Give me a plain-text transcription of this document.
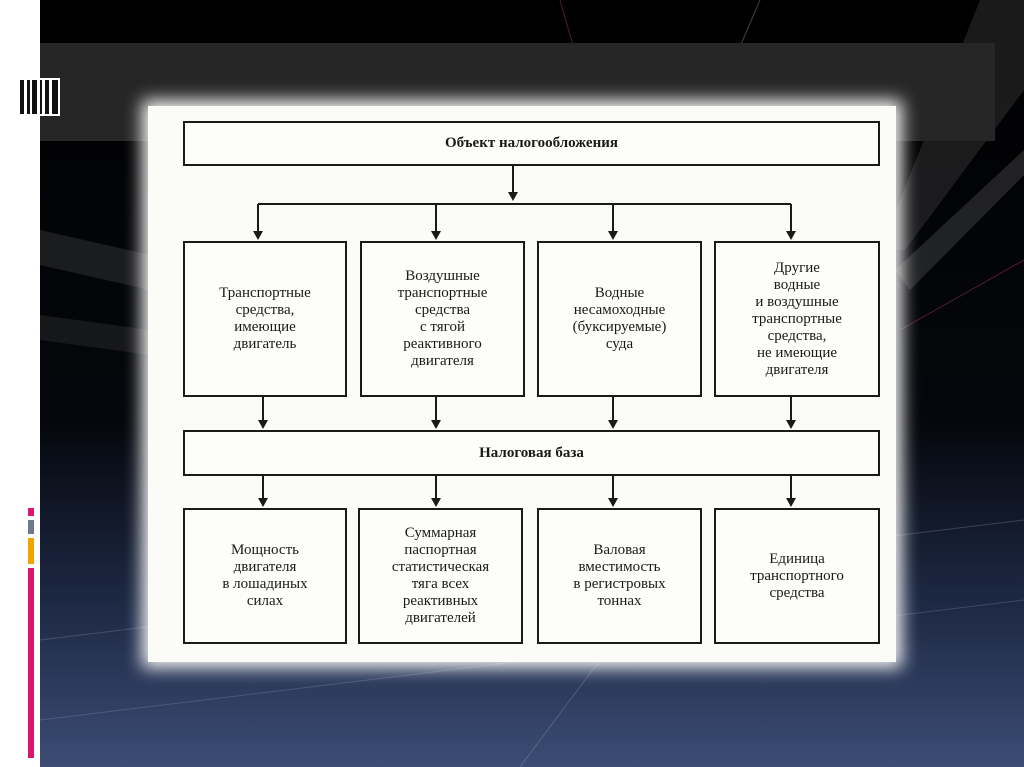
Объект налогообложения
Транспортные
средства,
имеющие
двигатель
Воздушные
транспортные
средства
с тягой
реактивного
двигателя
Водные
несамоходные
(буксируемые)
суда
Другие
водные
и воздушные
транспортные
средства,
не имеющие
двигателя
Налоговая база
Мощность
двигателя
в лошадиных
силах
Суммарная
паспортная
статистическая
тяга всех
реактивных
двигателей
Валовая
вместимость
в регистровых
тоннах
Единица
транспортного
средства
